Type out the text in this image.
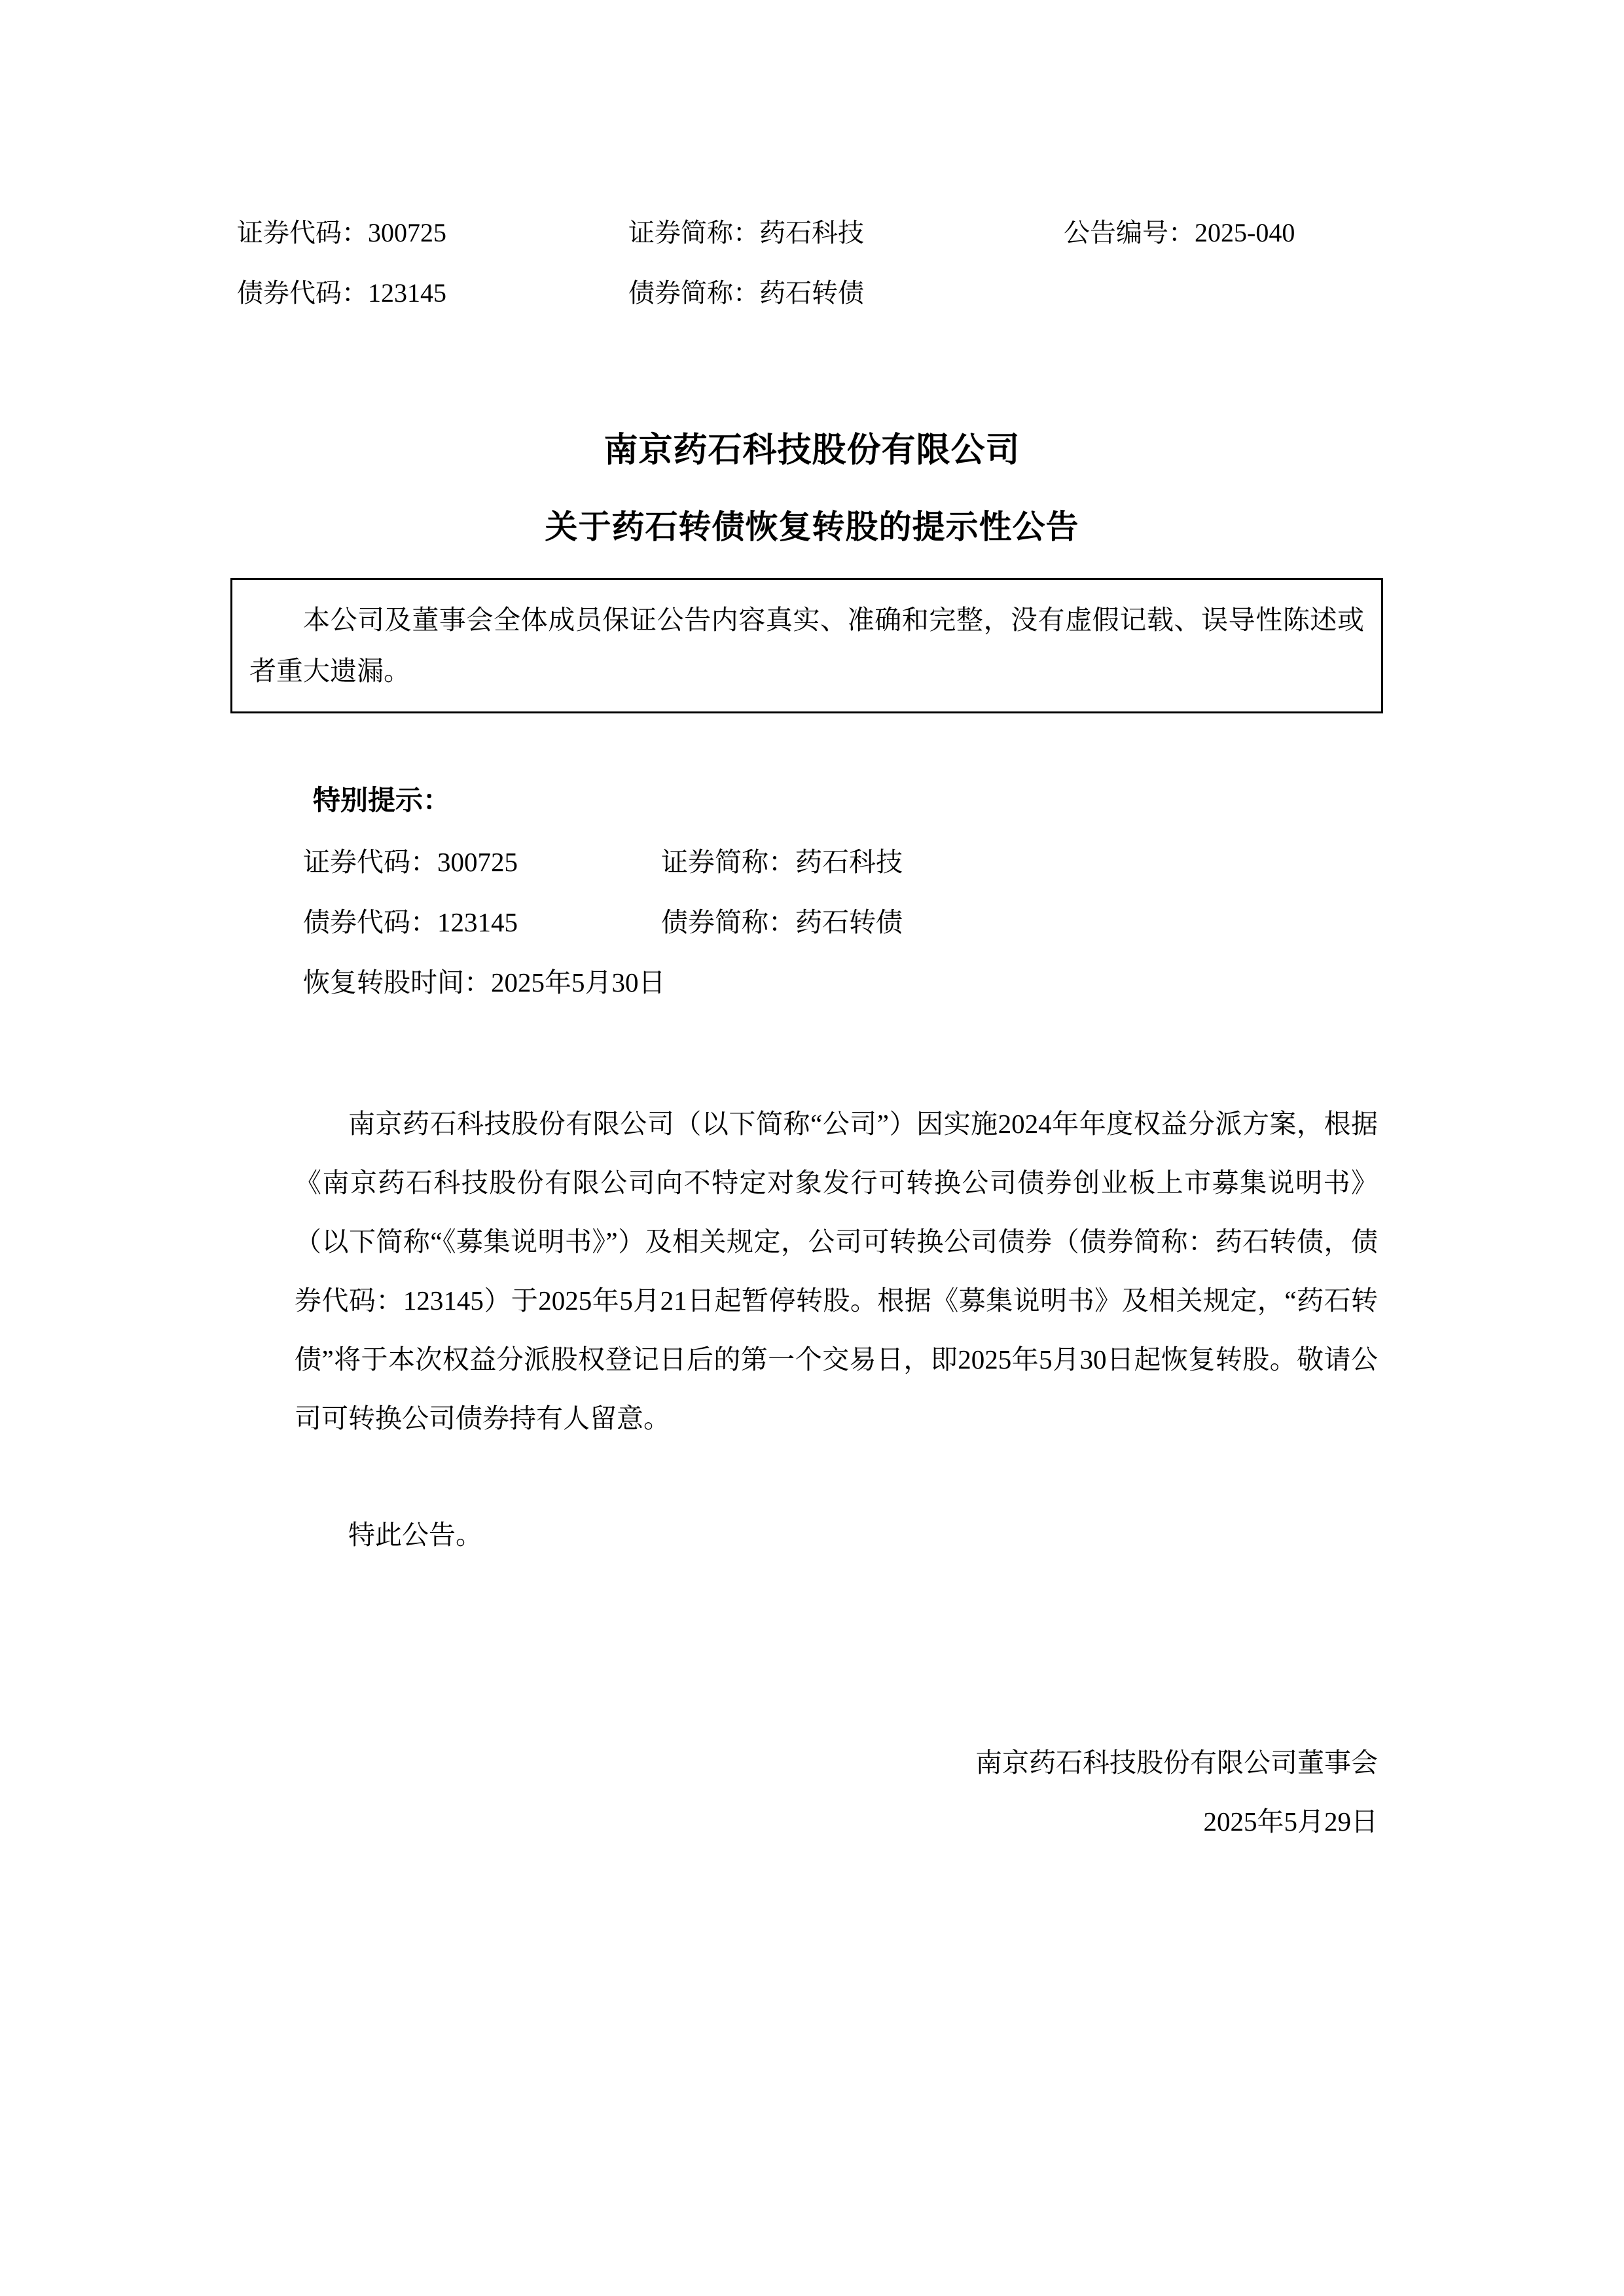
证券代码：300725	证券简称：药石科技	公告编号：2025-040
债券代码：123145	债券简称：药石转债
南京药石科技股份有限公司
关于药石转债恢复转股的提示性公告
本公司及董事会全体成员保证公告内容真实、准确和完整，没有虚假记载、误导性陈述或者重大遗漏。
特别提示：
证券代码：300725	证券简称：药石科技
债券代码：123145	债券简称：药石转债
恢复转股时间：2025年5月30日

南京药石科技股份有限公司（以下简称“公司”）因实施2024年年度权益分派方案，根据《南京药石科技股份有限公司向不特定对象发行可转换公司债券创业板上市募集说明书》（以下简称“《募集说明书》”）及相关规定，公司可转换公司债券（债券简称：药石转债，债券代码：123145）于2025年5月21日起暂停转股。根据《募集说明书》及相关规定，“药石转债”将于本次权益分派股权登记日后的第一个交易日，即2025年5月30日起恢复转股。敬请公司可转换公司债券持有人留意。

特此公告。

南京药石科技股份有限公司董事会
2025年5月29日
